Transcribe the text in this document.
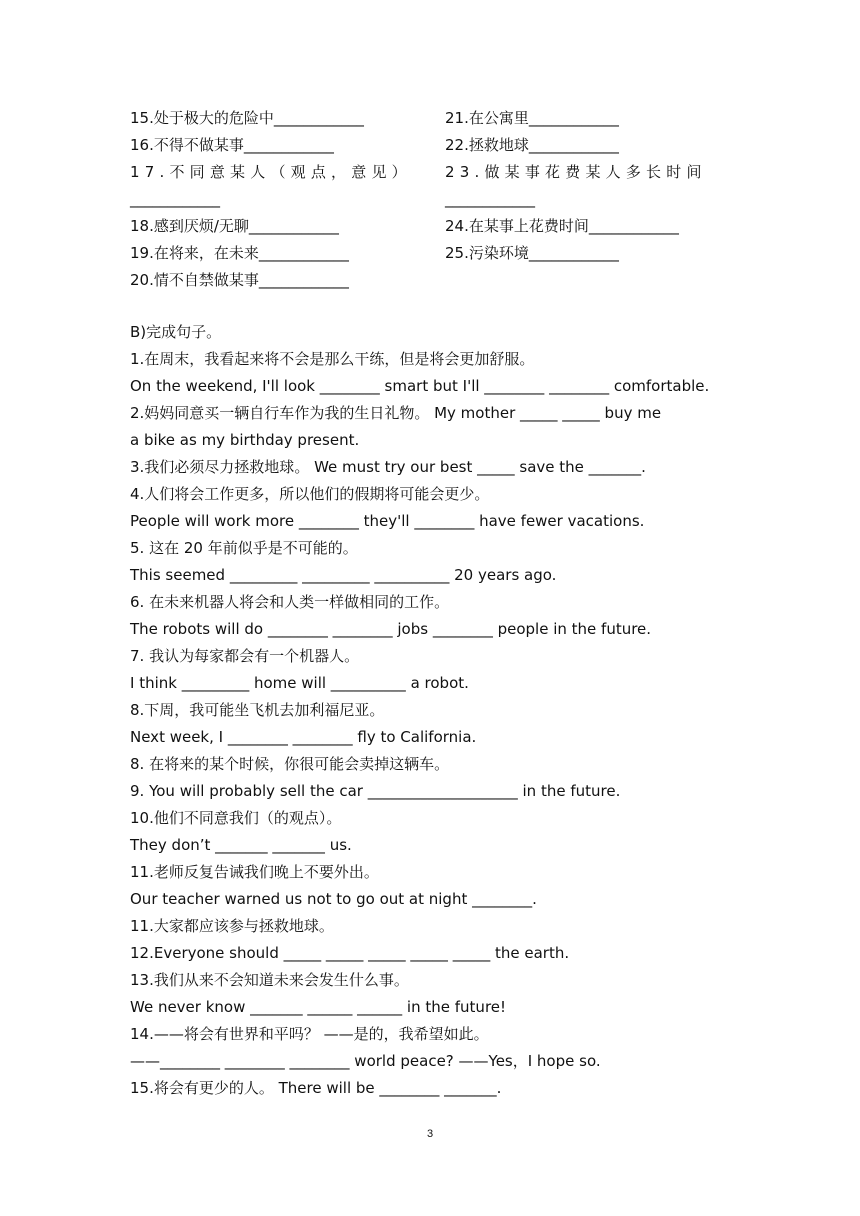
15.处于极大的危险中____________
16.不得不做某事____________
17.不同意某人（观点，意见）
____________
18.感到厌烦/无聊____________
19.在将来，在未来____________
20.情不自禁做某事____________
21.在公寓里____________
22.拯救地球____________
23.做某事花费某人多长时间
____________
24.在某事上花费时间____________
25.污染环境____________
B)完成句子。
1.在周末，我看起来将不会是那么干练，但是将会更加舒服。
On the weekend, I'll look ________ smart but I'll ________ ________ comfortable.
2.妈妈同意买一辆自行车作为我的生日礼物。 My mother _____ _____ buy me
a bike as my birthday present.
3.我们必须尽力拯救地球。 We must try our best _____ save the _______.
4.人们将会工作更多，所以他们的假期将可能会更少。
People will work more ________ they'll ________ have fewer vacations.
5. 这在 20 年前似乎是不可能的。
This seemed _________ _________ __________ 20 years ago.
6. 在未来机器人将会和人类一样做相同的工作。
The robots will do ________ ________ jobs ________ people in the future.
7. 我认为每家都会有一个机器人。
I think _________ home will __________ a robot.
8.下周，我可能坐飞机去加利福尼亚。
Next week, I ________ ________ fly to California.
8. 在将来的某个时候，你很可能会卖掉这辆车。
9. You will probably sell the car ____________________ in the future.
10.他们不同意我们（的观点）。
They don’t _______ _______ us.
11.老师反复告诫我们晚上不要外出。
Our teacher warned us not to go out at night ________.
11.大家都应该参与拯救地球。
12.Everyone should _____ _____ _____ _____ _____ the earth.
13.我们从来不会知道未来会发生什么事。
We never know _______ ______ ______ in the future!
14.——将会有世界和平吗？ ——是的，我希望如此。
——________ ________ ________ world peace? ——Yes，I hope so.
15.将会有更少的人。 There will be ________ _______.
3
